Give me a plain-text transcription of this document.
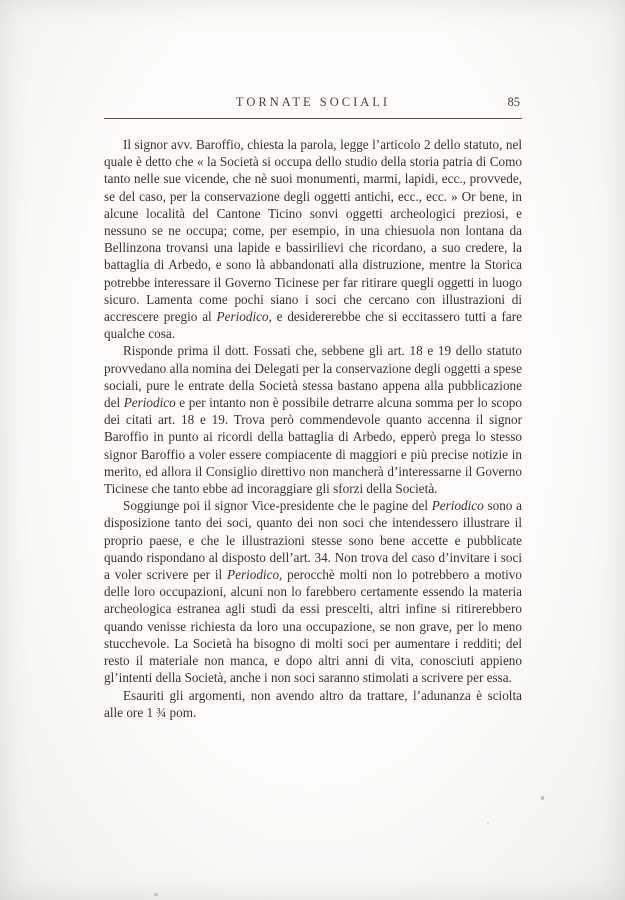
TORNATE SOCIALI	85

Il signor avv. Baroffio, chiesta la parola, legge l’articolo 2 dello statuto, nel quale è detto che « la Società si occupa dello studio della storia patria di Como tanto nelle sue vicende, che nè suoi monumenti, marmi, lapidi, ecc., provvede, se del caso, per la conservazione degli oggetti antichi, ecc., ecc. » Or bene, in alcune località del Cantone Ticino sonvi oggetti archeologici preziosi, e nessuno se ne occupa; come, per esempio, in una chiesuola non lontana da Bellinzona trovansi una lapide e bassirilievi che ricordano, a suo credere, la battaglia di Arbedo, e sono là abbandonati alla distruzione, mentre la Storica potrebbe interessare il Governo Ticinese per far ritirare quegli oggetti in luogo sicuro. Lamenta come pochi siano i soci che cercano con illustrazioni di accrescere pregio al Periodico, e desidererebbe che si eccitassero tutti a fare qualche cosa.

Risponde prima il dott. Fossati che, sebbene gli art. 18 e 19 dello statuto provvedano alla nomina dei Delegati per la conservazione degli oggetti a spese sociali, pure le entrate della Società stessa bastano appena alla pubblicazione del Periodico e per intanto non è possibile detrarre alcuna somma per lo scopo dei citati art. 18 e 19. Trova però commendevole quanto accenna il signor Baroffio in punto ai ricordi della battaglia di Arbedo, epperò prega lo stesso signor Baroffio a voler essere compiacente di maggiori e più precise notizie in merito, ed allora il Consiglio direttivo non mancherà d’interessarne il Governo Ticinese che tanto ebbe ad incoraggiare gli sforzi della Società.

Soggiunge poi il signor Vice-presidente che le pagine del Periodico sono a disposizione tanto dei soci, quanto dei non soci che intendessero illustrare il proprio paese, e che le illustrazioni stesse sono bene accette e pubblicate quando rispondano al disposto dell’art. 34. Non trova del caso d’invitare i soci a voler scrivere per il Periodico, perocchè molti non lo potrebbero a motivo delle loro occupazioni, alcuni non lo farebbero certamente essendo la materia archeologica estranea agli studì da essi prescelti, altri infine si ritirerebbero quando venisse richiesta da loro una occupazione, se non grave, per lo meno stucchevole. La Società ha bisogno di molti soci per aumentare i redditi; del resto il materiale non manca, e dopo altri anni di vita, conosciuti appieno gl’intenti della Società, anche i non soci saranno stimolati a scrivere per essa.

Esauriti gli argomenti, non avendo altro da trattare, l’adunanza è sciolta alle ore 1 ¾ pom.
